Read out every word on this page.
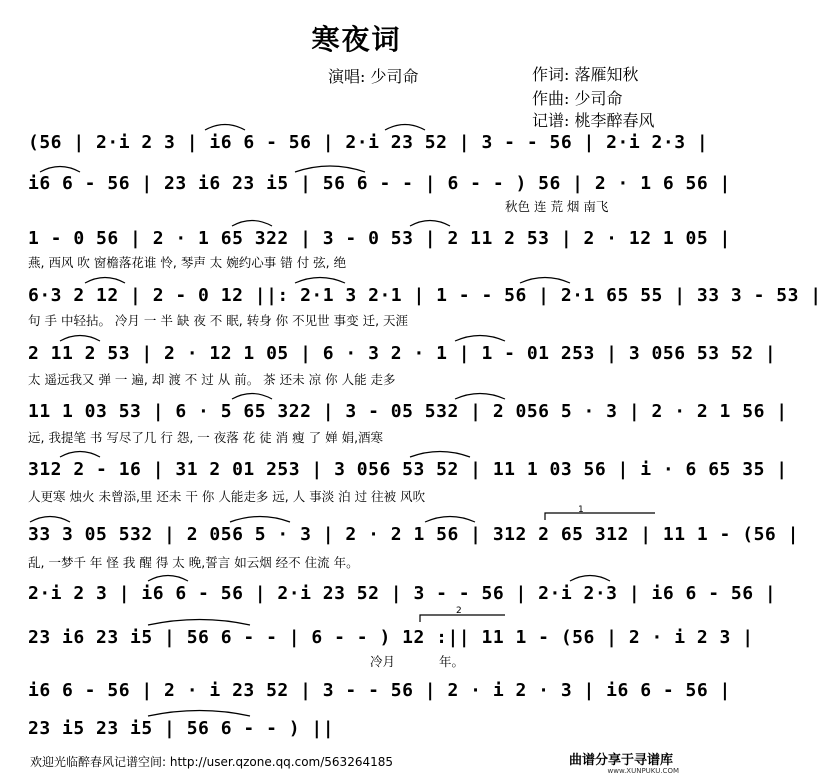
寒夜词
演唱: 少司命	作词: 落雁知秋
作曲: 少司命
记谱: 桃李醉春风
(56 | 2·i 2 3 | i6 6 - 56 | 2·i 23 52 | 3 - - 56 | 2·i 2·3 |
i6 6 - 56 | 23 i6 23 i5 | 56 6 - - | 6 - - ) 56 | 2 · 1 6 56 |
秋色 连 荒 烟 南飞
1 - 0 56 | 2 · 1 65 322 | 3 - 0 53 | 2 11 2 53 | 2 · 12 1 05 |
燕, 西风 吹 窗檐落花谁 怜, 琴声 太 婉约心事 错 付 弦, 绝
6·3 2 12 | 2 - 0 12 ||: 2·1 3 2·1 | 1 - - 56 | 2·1 65 55 | 33 3 - 53 |
句 手 中轻拈。 冷月 一 半 缺 夜 不 眠, 转身 你 不见世 事变 迁, 天涯
2 11 2 53 | 2 · 12 1 05 | 6 · 3 2 · 1 | 1 - 01 253 | 3 056 53 52 |
太 遥远我又 弹 一 遍, 却 渡 不 过 从 前。 茶 还未 凉 你 人能 走多
11 1 03 53 | 6 · 5 65 322 | 3 - 05 532 | 2 056 5 · 3 | 2 · 2 1 56 |
远, 我提笔 书 写尽了几 行 怨, 一 夜落 花 徒 消 瘦 了 婵 娟,酒寒
312 2 - 16 | 31 2 01 253 | 3 056 53 52 | 11 1 03 56 | i · 6 65 35 |
人更寒 烛火 未曾添,里 还未 干 你 人能走多 远, 人 事淡 泊 过 往被 风吹
33 3 05 532 | 2 056 5 · 3 | 2 · 2 1 56 | 312 2 65 312 | 11 1 - (56 |
乱, 一梦千 年 怪 我 醒 得 太 晚,誓言 如云烟 经不 住流 年。
2·i 2 3 | i6 6 - 56 | 2·i 23 52 | 3 - - 56 | 2·i 2·3 | i6 6 - 56 |
23 i6 23 i5 | 56 6 - - | 6 - - ) 12 :|| 11 1 - (56 | 2 · i 2 3 |
冷月 年。
i6 6 - 56 | 2 · i 23 52 | 3 - - 56 | 2 · i 2 · 3 | i6 6 - 56 |
23 i5 23 i5 | 56 6 - - ) ||
1
2
欢迎光临醉春风记谱空间: http://user.qzone.qq.com/563264185	曲谱分享于寻谱库
www.XUNPUKU.COM
